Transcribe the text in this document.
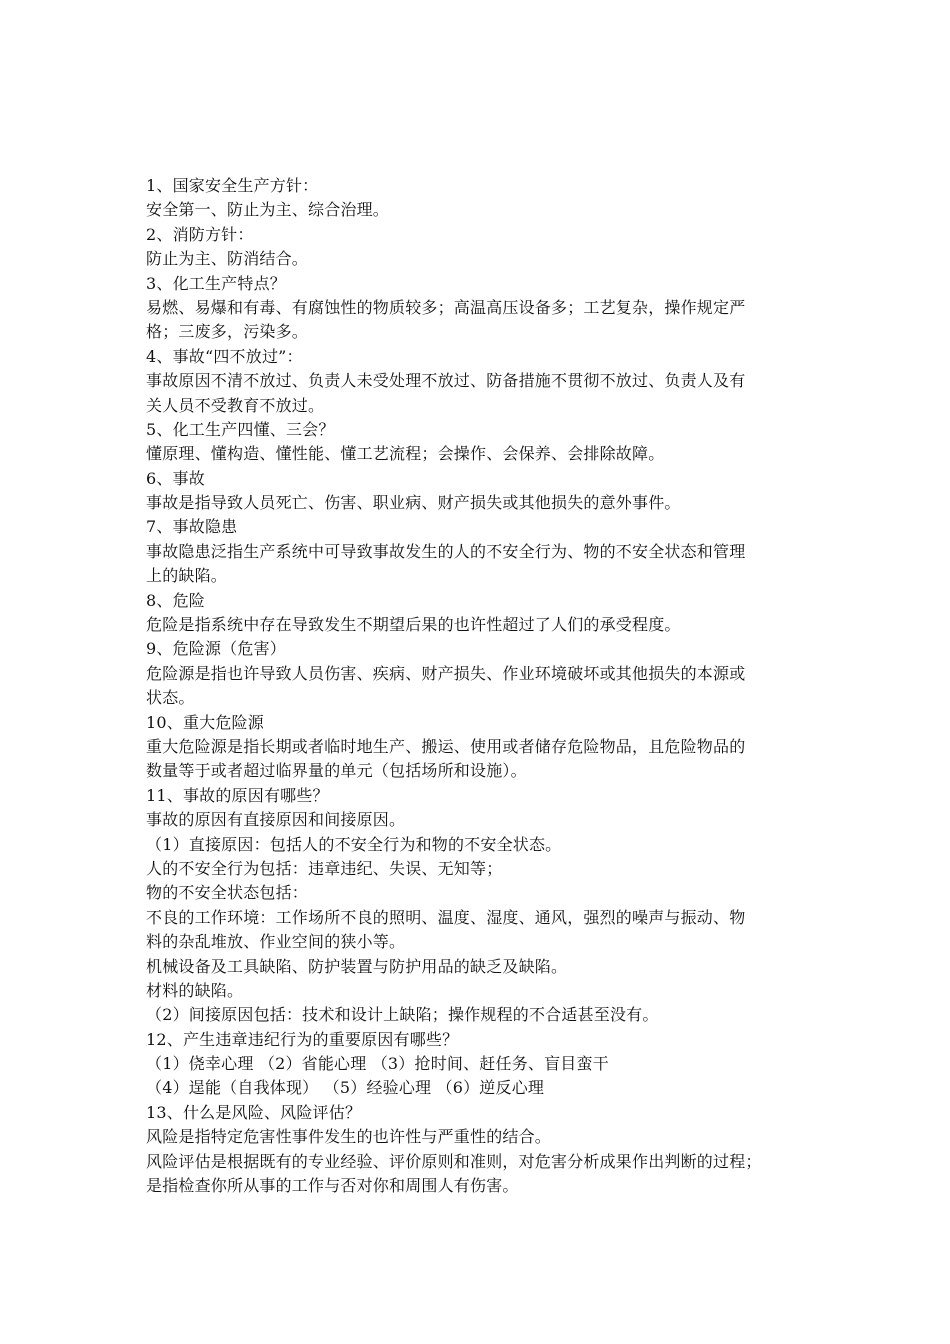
1、国家安全生产方针：
安全第一、防止为主、综合治理。
2、消防方针：
防止为主、防消结合。
3、化工生产特点？
易燃、易爆和有毒、有腐蚀性的物质较多；高温高压设备多；工艺复杂，操作规定严
格；三废多，污染多。
4、事故“四不放过”：
事故原因不清不放过、负责人未受处理不放过、防备措施不贯彻不放过、负责人及有
关人员不受教育不放过。
5、化工生产四懂、三会？
懂原理、懂构造、懂性能、懂工艺流程；会操作、会保养、会排除故障。
6、事故
事故是指导致人员死亡、伤害、职业病、财产损失或其他损失的意外事件。
7、事故隐患
事故隐患泛指生产系统中可导致事故发生的人的不安全行为、物的不安全状态和管理
上的缺陷。
8、危险
危险是指系统中存在导致发生不期望后果的也许性超过了人们的承受程度。
9、危险源（危害）
危险源是指也许导致人员伤害、疾病、财产损失、作业环境破坏或其他损失的本源或
状态。
10、重大危险源
重大危险源是指长期或者临时地生产、搬运、使用或者储存危险物品，且危险物品的
数量等于或者超过临界量的单元（包括场所和设施）。
11、事故的原因有哪些？
事故的原因有直接原因和间接原因。
（1）直接原因：包括人的不安全行为和物的不安全状态。
人的不安全行为包括：违章违纪、失误、无知等；
物的不安全状态包括：
不良的工作环境：工作场所不良的照明、温度、湿度、通风，强烈的噪声与振动、物
料的杂乱堆放、作业空间的狭小等。
机械设备及工具缺陷、防护装置与防护用品的缺乏及缺陷。
材料的缺陷。
（2）间接原因包括：技术和设计上缺陷；操作规程的不合适甚至没有。
12、产生违章违纪行为的重要原因有哪些？
（1）侥幸心理 （2）省能心理 （3）抢时间、赶任务、盲目蛮干
（4）逞能（自我体现） （5）经验心理 （6）逆反心理
13、什么是风险、风险评估？
风险是指特定危害性事件发生的也许性与严重性的结合。
风险评估是根据既有的专业经验、评价原则和准则，对危害分析成果作出判断的过程；
是指检查你所从事的工作与否对你和周围人有伤害。
